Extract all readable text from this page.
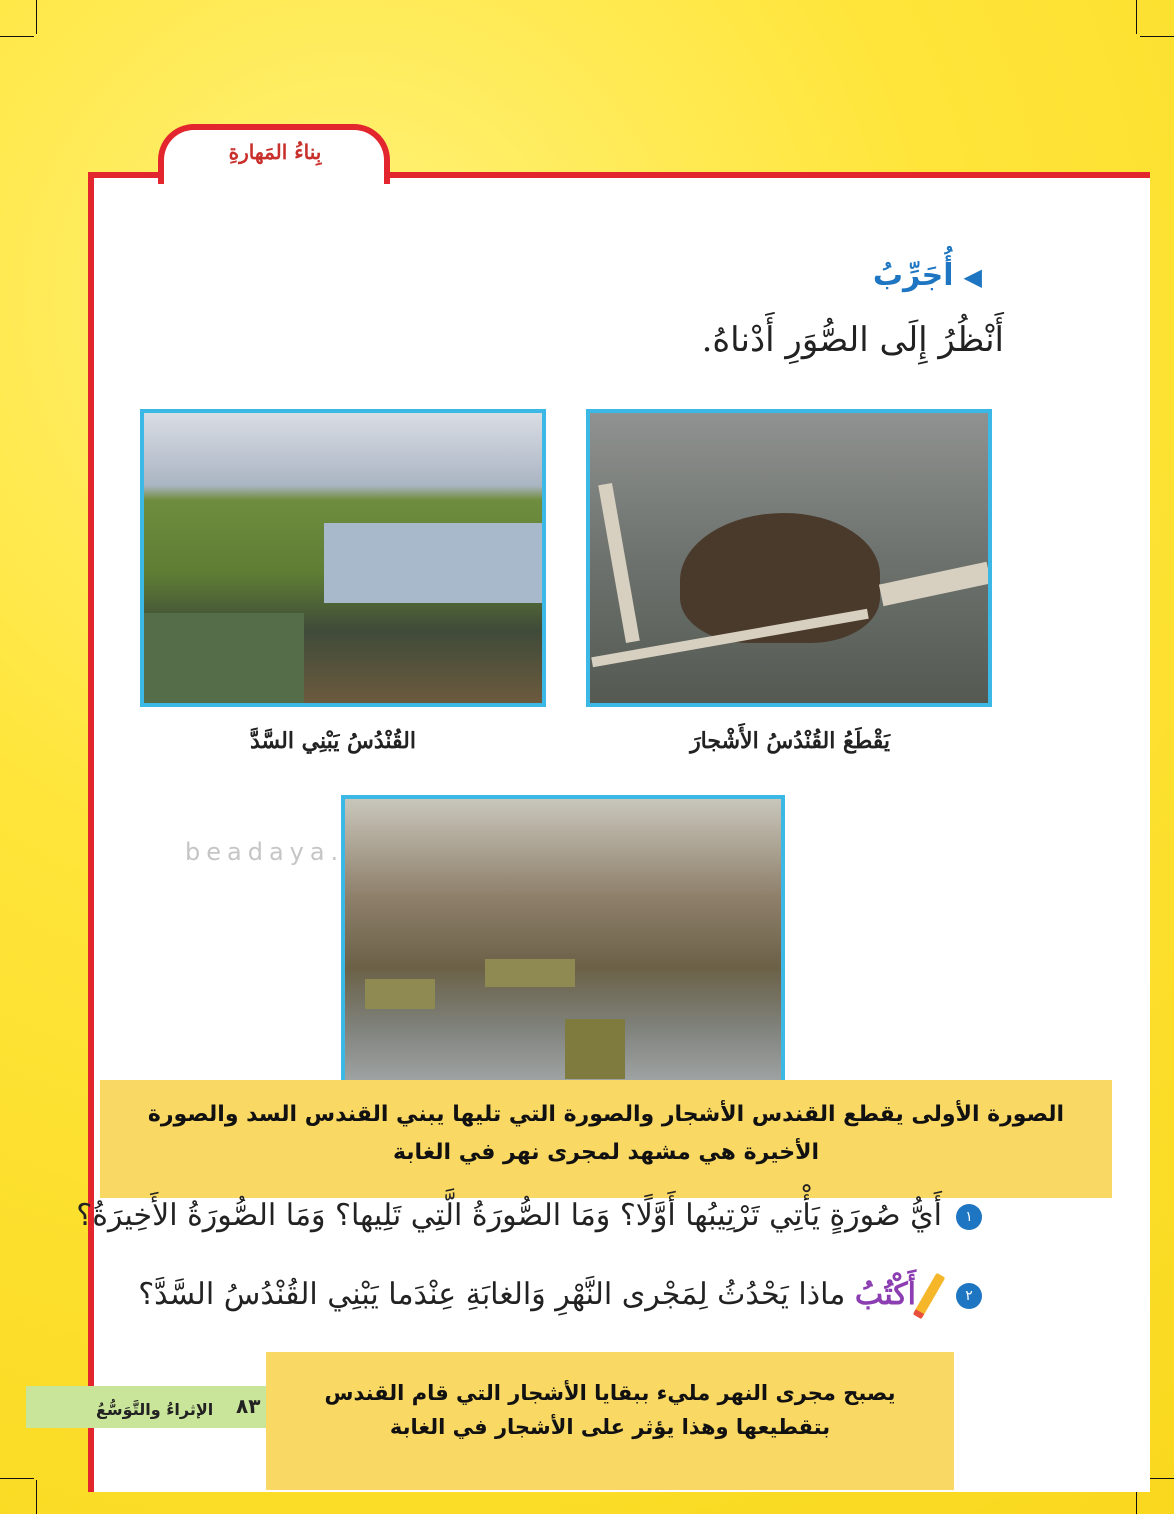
بِناءُ المَهارةِ
◀أُجَرِّبُ
أَنْظُرُ إِلَى الصُّوَرِ أَدْناهُ.
يَقْطَعُ القُنْدُسُ الأَشْجارَ
القُنْدُسُ يَبْنِي السَّدَّ
beadaya.
الصورة الأولى يقطع القندس الأشجار والصورة التي تليها يبني القندس السد والصورة الأخيرة هي مشهد لمجرى نهر في الغابة
١أَيُّ صُورَةٍ يَأْتِي تَرْتِيبُها أَوَّلًا؟ وَمَا الصُّورَةُ الَّتِي تَلِيها؟ وَمَا الصُّورَةُ الأَخِيرَةُ؟
٢أَكْتُبُ ماذا يَحْدُثُ لِمَجْرى النَّهْرِ وَالغابَةِ عِنْدَما يَبْنِي القُنْدُسُ السَّدَّ؟
الإثراءُ والتَّوَسُّعُ ٨٣
يصبح مجرى النهر مليء ببقايا الأشجار التي قام القندس بتقطيعها وهذا يؤثر على الأشجار في الغابة
